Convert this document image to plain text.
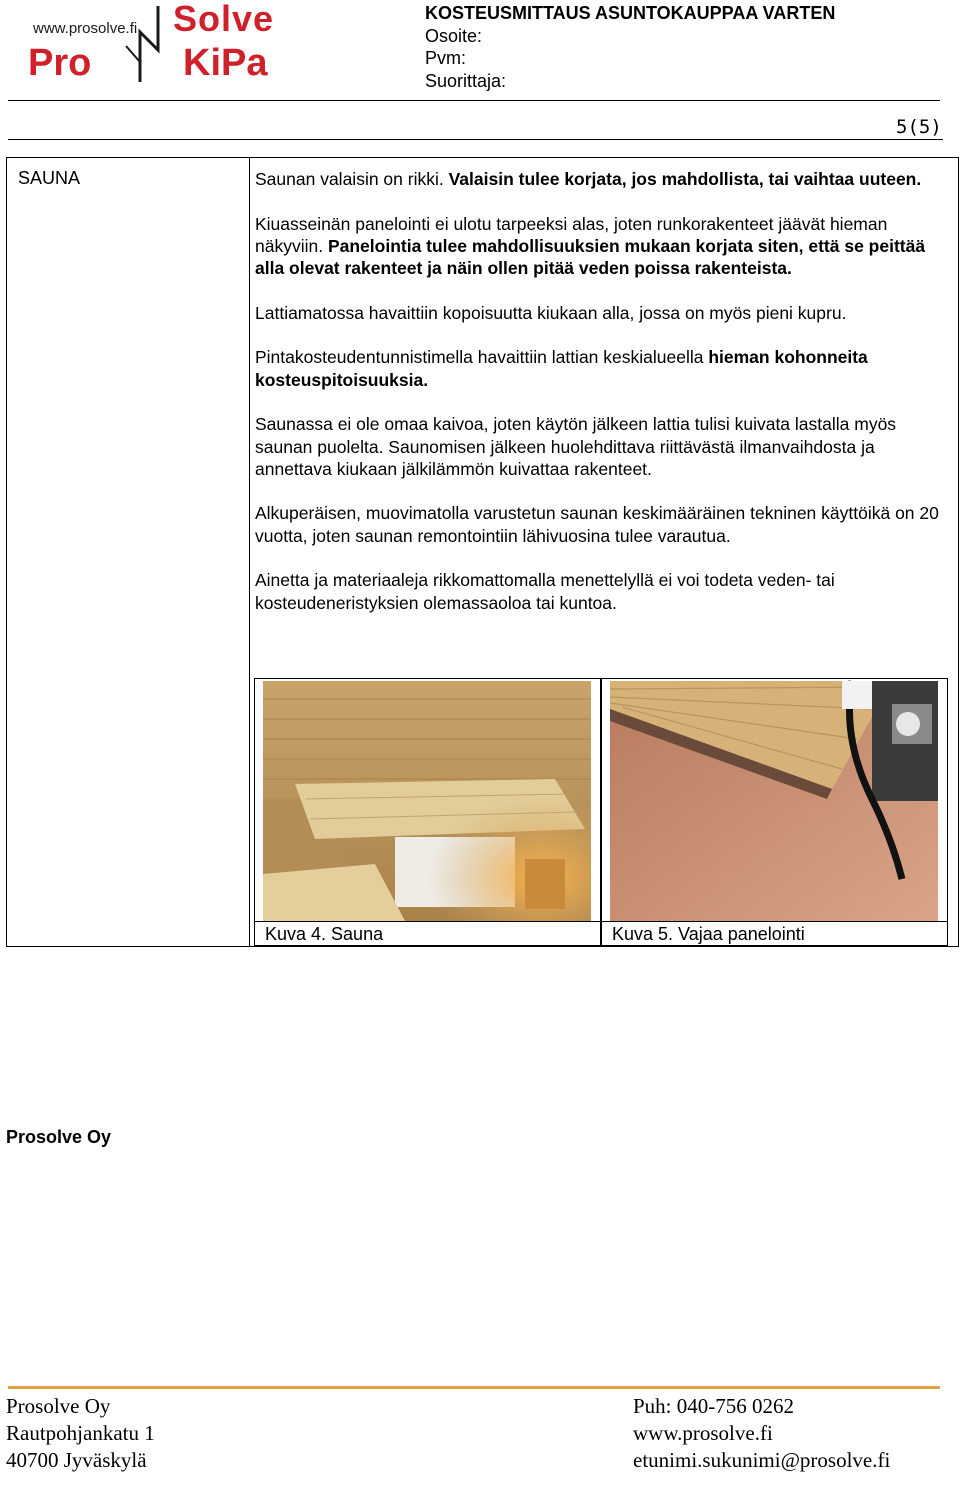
www.prosolve.fi Solve
Pro KiPa
KOSTEUSMITTAUS ASUNTOKAUPPAA VARTEN
Osoite:
Pvm:
Suorittaja:
5(5)
SAUNA	Saunan valaisin on rikki. Valaisin tulee korjata, jos mahdollista, tai vaihtaa uuteen.

Kiuasseinän panelointi ei ulotu tarpeeksi alas, joten runkorakenteet jäävät hieman näkyviin. Panelointia tulee mahdollisuuksien mukaan korjata siten, että se peittää alla olevat rakenteet ja näin ollen pitää veden poissa rakenteista.

Lattiamatossa havaittiin kopoisuutta kiukaan alla, jossa on myös pieni kupru.

Pintakosteudentunnistimella havaittiin lattian keskialueella hieman kohonneita kosteuspitoisuuksia.

Saunassa ei ole omaa kaivoa, joten käytön jälkeen lattia tulisi kuivata lastalla myös saunan puolelta. Saunomisen jälkeen huolehdittava riittävästä ilmanvaihdosta ja annettava kiukaan jälkilämmön kuivattaa rakenteet.

Alkuperäisen, muovimatolla varustetun saunan keskimääräinen tekninen käyttöikä on 20 vuotta, joten saunan remontointiin lähivuosina tulee varautua.

Ainetta ja materiaaleja rikkomattomalla menettelyllä ei voi todeta veden- tai kosteudeneristyksien olemassaoloa tai kuntoa.

Kuva 4. Sauna	Kuva 5. Vajaa panelointi
Prosolve Oy
Prosolve Oy
Rautpohjankatu 1
40700 Jyväskylä
Puh: 040-756 0262
www.prosolve.fi
etunimi.sukunimi@prosolve.fi
